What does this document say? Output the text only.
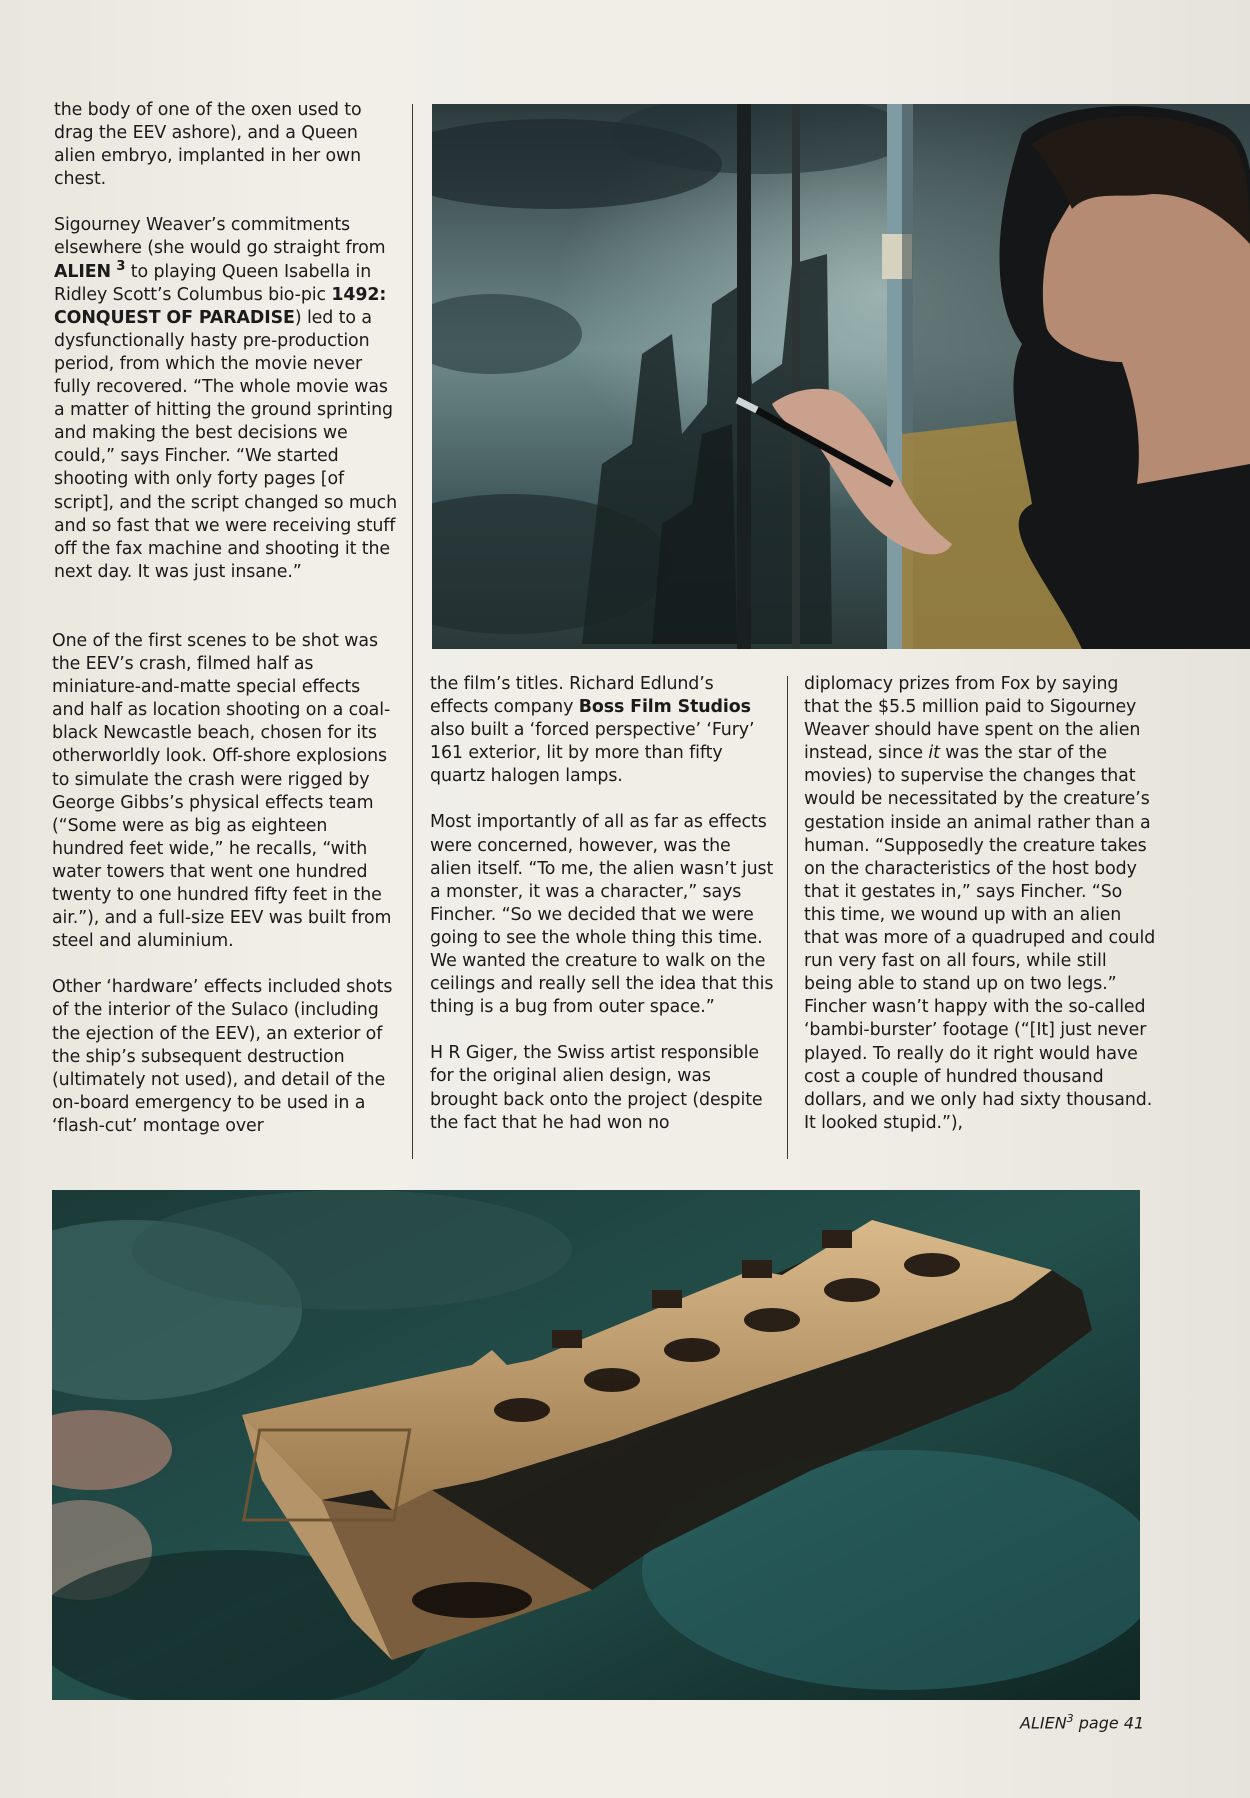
the body of one of the oxen used to drag the EEV ashore), and a Queen alien embryo, implanted in her own chest.

Sigourney Weaver’s commitments elsewhere (she would go straight from ALIEN $^3$ to playing Queen Isabella in Ridley Scott’s Columbus bio-pic 1492: CONQUEST OF PARADISE) led to a dysfunctionally hasty pre-production period, from which the movie never fully recovered. “The whole movie was a matter of hitting the ground sprinting and making the best decisions we could,” says Fincher. “We started shooting with only forty pages [of script], and the script changed so much and so fast that we were receiving stuff off the fax machine and shooting it the next day. It was just insane.”

One of the first scenes to be shot was the EEV’s crash, filmed half as miniature-and-matte special effects and half as location shooting on a coal-black Newcastle beach, chosen for its otherworldly look. Off-shore explosions to simulate the crash were rigged by George Gibbs’s physical effects team (“Some were as big as eighteen hundred feet wide,” he recalls, “with water towers that went one hundred twenty to one hundred fifty feet in the air.”), and a full-size EEV was built from steel and aluminium.

Other ‘hardware’ effects included shots of the interior of the Sulaco (including the ejection of the EEV), an exterior of the ship’s subsequent destruction (ultimately not used), and detail of the on-board emergency to be used in a ‘flash-cut’ montage over

the film’s titles. Richard Edlund’s effects company Boss Film Studios also built a ‘forced perspective’ ‘Fury’ 161 exterior, lit by more than fifty quartz halogen lamps.

Most importantly of all as far as effects were concerned, however, was the alien itself. “To me, the alien wasn’t just a monster, it was a character,” says Fincher. “So we decided that we were going to see the whole thing this time. We wanted the creature to walk on the ceilings and really sell the idea that this thing is a bug from outer space.”

H R Giger, the Swiss artist responsible for the original alien design, was brought back onto the project (despite the fact that he had won no

diplomacy prizes from Fox by saying that the $5.5 million paid to Sigourney Weaver should have spent on the alien instead, since it was the star of the movies) to supervise the changes that would be necessitated by the creature’s gestation inside an animal rather than a human. “Supposedly the creature takes on the characteristics of the host body that it gestates in,” says Fincher. “So this time, we wound up with an alien that was more of a quadruped and could run very fast on all fours, while still being able to stand up on two legs.” Fincher wasn’t happy with the so-called ‘bambi-burster’ footage (“[It] just never played. To really do it right would have cost a couple of hundred thousand dollars, and we only had sixty thousand. It looked stupid.”),

ALIEN$^3$ page 41
